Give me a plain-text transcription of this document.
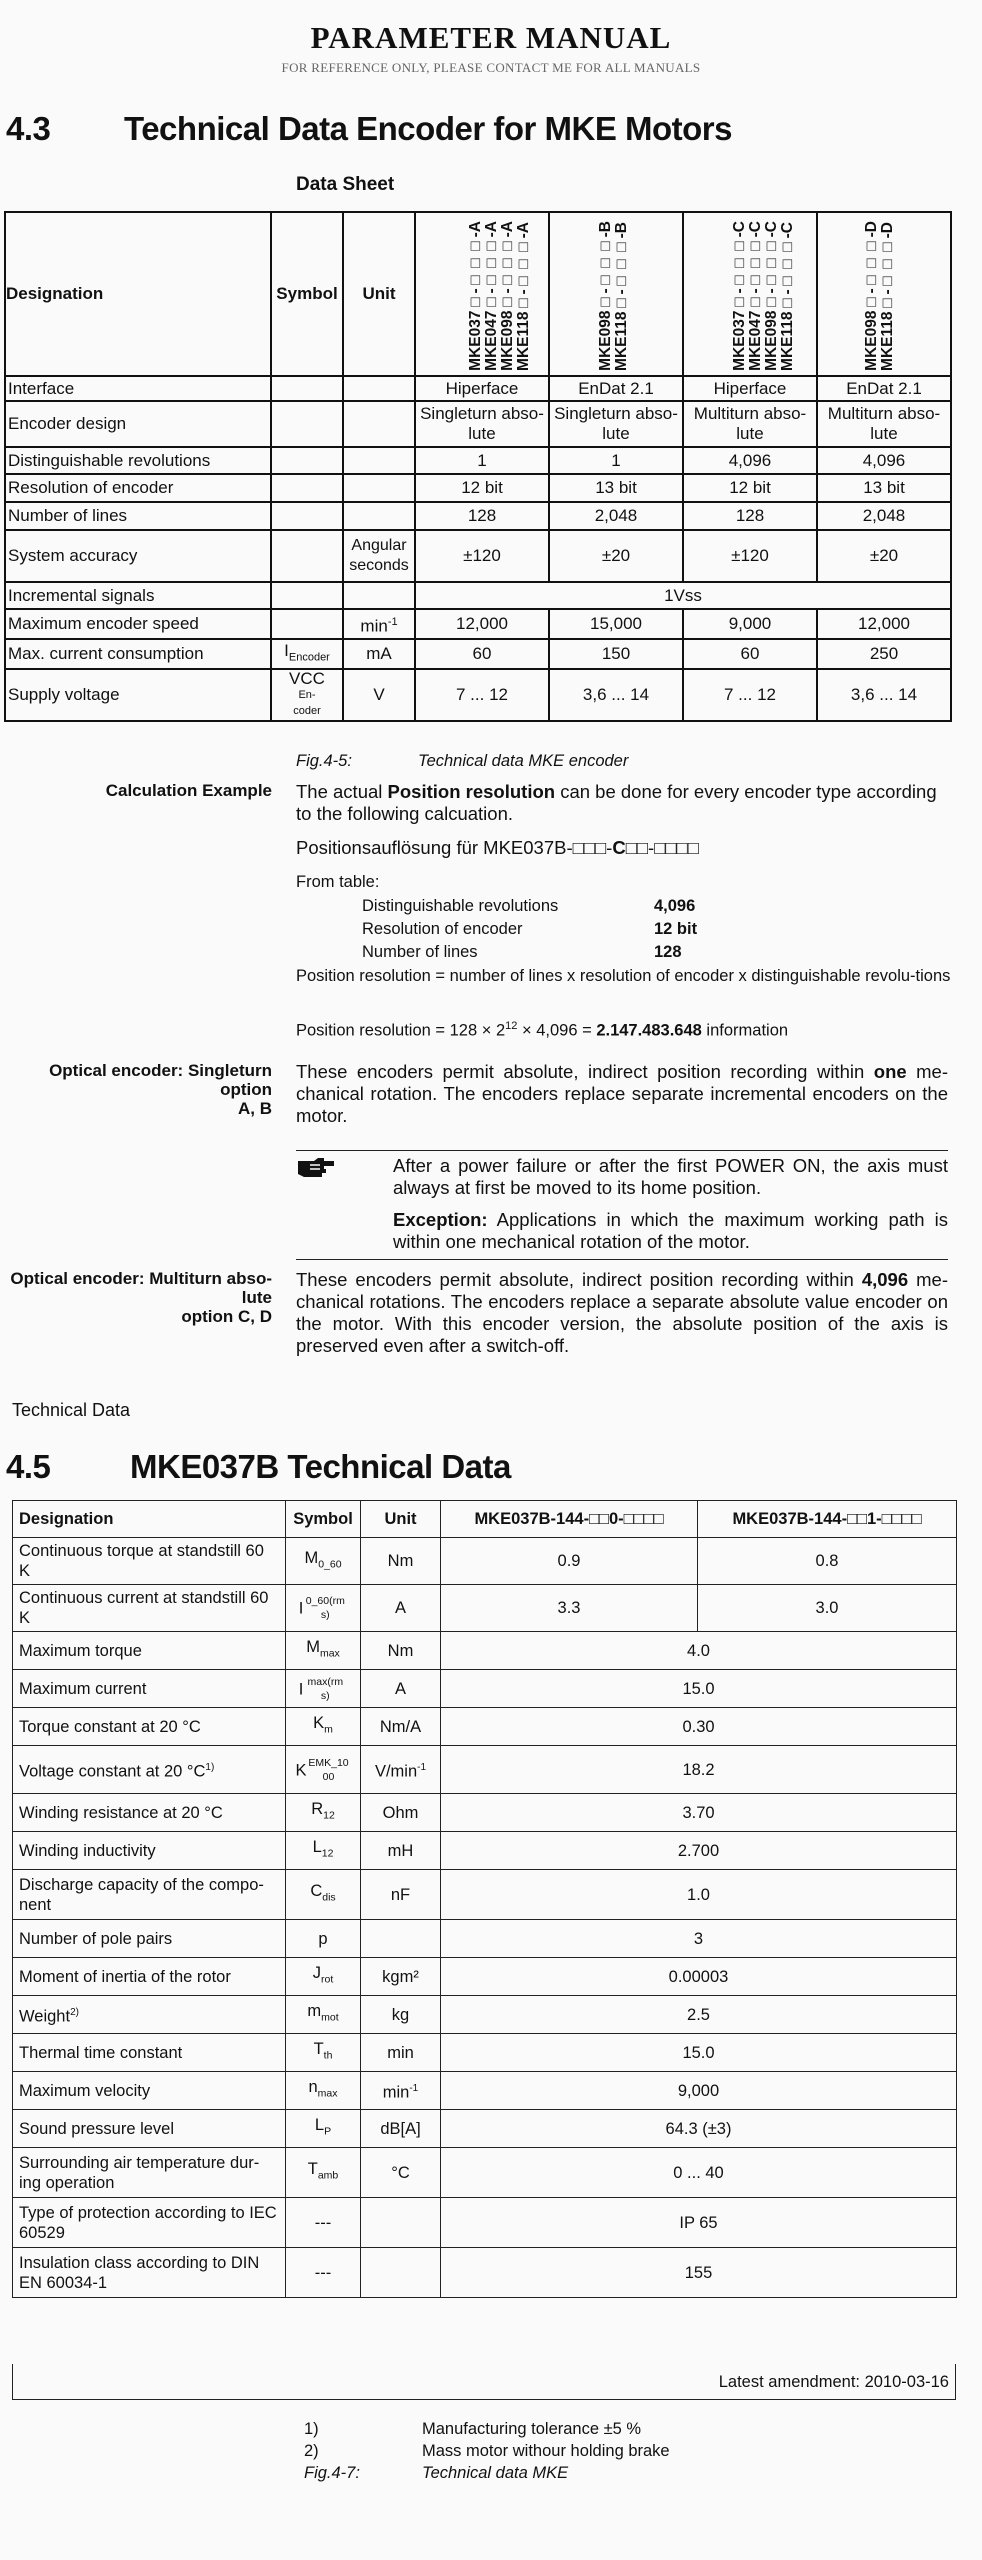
PARAMETER MANUAL
FOR REFERENCE ONLY, PLEASE CONTACT ME FOR ALL MANUALS
4.3 Technical Data Encoder for MKE Motors
Data Sheet
Designation	Symbol	Unit	MKE037□-□□□-A MKE047□-□□□-A MKE098□-□□□-A MKE118□-□□□-A	MKE098□-□□□-B MKE118□-□□□-B	MKE037□-□□□-C MKE047□-□□□-C MKE098□-□□□-C MKE118□-□□□-C	MKE098□-□□□-D MKE118□-□□□-D

Interface			Hiperface	EnDat 2.1	Hiperface	EnDat 2.1
Encoder design			Singleturn abso-lute	Singleturn abso-lute	Multiturn abso-lute	Multiturn abso-lute
Distinguishable revolutions			1	1	4,096	4,096
Resolution of encoder			12 bit	13 bit	12 bit	13 bit
Number of lines			128	2,048	128	2,048
System accuracy		Angular seconds	±120	±20	±120	±20
Incremental signals			1Vss			
Maximum encoder speed		$\min^{-1}$	12,000	15,000	9,000	12,000
Max. current consumption	$I_{Encoder}$	mA	60	150	60	250
Supply voltage	$VCC_{En-coder}$	V	7 ... 12	3,6 ... 14	7 ... 12	3,6 ... 14
Fig.4-5:	Technical data MKE encoder
Calculation Example The actual Position resolution can be done for every encoder type according to the following calcuation.
Positionsauflösung für MKE037B-□□□-C□□-□□□□
From table:
Distinguishable revolutions	4,096
Resolution of encoder	12 bit
Number of lines	128
Position resolution = number of lines x resolution of encoder x distinguishable revolu-tions
Position resolution = $128 \times 2^{12} \times 4,096 = 2.147.483.648$ information
Optical encoder: Singleturn option
A, B
These encoders permit absolute, indirect position recording within one me-chanical rotation. The encoders replace separate incremental encoders on the motor.
After a power failure or after the first POWER ON, the axis must always at first be moved to its home position.
Exception: Applications in which the maximum working path is within one mechanical rotation of the motor.
Optical encoder: Multiturn abso-
lute
option C, D
These encoders permit absolute, indirect position recording within 4,096 me-chanical rotations. The encoders replace a separate absolute value encoder on the motor. With this encoder version, the absolute position of the axis is preserved even after a switch-off.
Technical Data
4.5 MKE037B Technical Data
Designation	Symbol	Unit	MKE037B-144-□□0-□□□□	MKE037B-144-□□1-□□□□
Continuous torque at standstill 60 K	$M_{0\_60}$	Nm	0.9	0.8
Continuous current at standstill 60 K	I $_{0\_60(rms)}$	A	3.3	3.0
Maximum torque	$M_{max}$	Nm	4.0	
Maximum current	I $_{max(rms)}$	A	15.0	
Torque constant at 20 °C	$K_m$	Nm/A	0.30	
Voltage constant at 20 $^\circ C^{1)}$	K $_{EMK\_1000}$	$V/\min^{-1}$	18.2	
Winding resistance at 20 °C	$R_{12}$	Ohm	3.70	
Winding inductivity	$L_{12}$	mH	2.700	
Discharge capacity of the compo-nent	$C_{dis}$	nF	1.0	
Number of pole pairs	p		3	
Moment of inertia of the rotor	$J_{rot}$	kgm²	0.00003	
Weight$^{2)}$	$m_{mot}$	kg	2.5	
Thermal time constant	$T_{th}$	min	15.0	
Maximum velocity	$n_{max}$	$\min^{-1}$	9,000	
Sound pressure level	$L_P$	dB[A]	64.3 (±3)	
Surrounding air temperature dur-ing operation	$T_{amb}$	°C	0 ... 40	
Type of protection according to IEC 60529	---		IP 65	
Insulation class according to DIN EN 60034-1	---		155	
Latest amendment: 2010-03-16
1)	Manufacturing tolerance ±5 %
2)	Mass motor withour holding brake
Fig.4-7:	Technical data MKE
